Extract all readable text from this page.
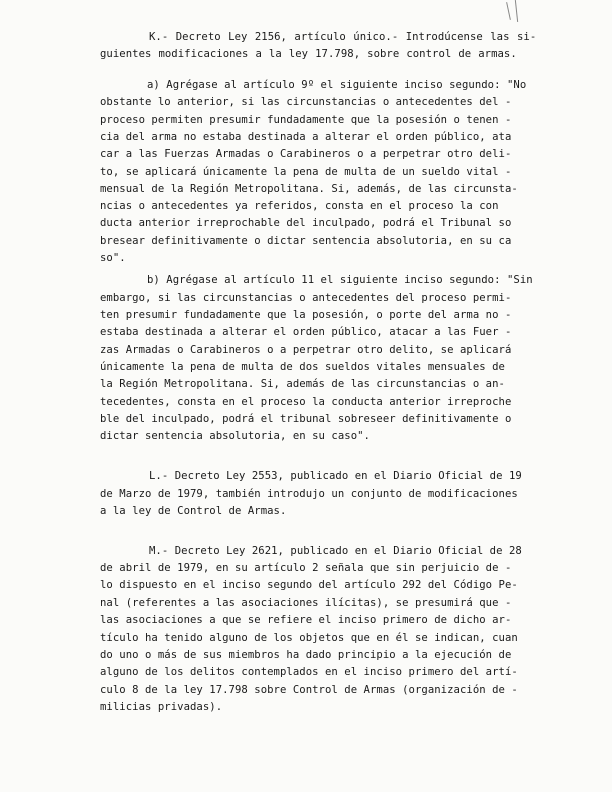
K.- Decreto Ley 2156, artículo único.- Introdúcense las si-
guientes modificaciones a la ley 17.798, sobre control de armas.
a) Agrégase al artículo 9º el siguiente inciso segundo: "No
obstante lo anterior, si las circunstancias o antecedentes del -
proceso permiten presumir fundadamente que la posesión o tenen -
cia del arma no estaba destinada a alterar el orden público, ata
car a las Fuerzas Armadas o Carabineros o a perpetrar otro deli-
to, se aplicará únicamente la pena de multa de un sueldo vital -
mensual de la Región Metropolitana. Si, además, de las circunsta-
ncias o antecedentes ya referidos, consta en el proceso la con
ducta anterior irreprochable del inculpado, podrá el Tribunal so
bresear definitivamente o dictar sentencia absolutoria, en su ca
so".
b) Agrégase al artículo 11 el siguiente inciso segundo: "Sin
embargo, si las circunstancias o antecedentes del proceso permi-
ten presumir fundadamente que la posesión, o porte del arma no -
estaba destinada a alterar el orden público, atacar a las Fuer -
zas Armadas o Carabineros o a perpetrar otro delito, se aplicará
únicamente la pena de multa de dos sueldos vitales mensuales de
la Región Metropolitana. Si, además de las circunstancias o an-
tecedentes, consta en el proceso la conducta anterior irreproche
ble del inculpado, podrá el tribunal sobreseer definitivamente o
dictar sentencia absolutoria, en su caso".
L.- Decreto Ley 2553, publicado en el Diario Oficial de 19
de Marzo de 1979, también introdujo un conjunto de modificaciones
a la ley de Control de Armas.
M.- Decreto Ley 2621, publicado en el Diario Oficial de 28
de abril de 1979, en su artículo 2 señala que sin perjuicio de -
lo dispuesto en el inciso segundo del artículo 292 del Código Pe-
nal (referentes a las asociaciones ilícitas), se presumirá que -
las asociaciones a que se refiere el inciso primero de dicho ar-
tículo ha tenido alguno de los objetos que en él se indican, cuan
do uno o más de sus miembros ha dado principio a la ejecución de
alguno de los delitos contemplados en el inciso primero del artí-
culo 8 de la ley 17.798 sobre Control de Armas (organización de -
milicias privadas).
